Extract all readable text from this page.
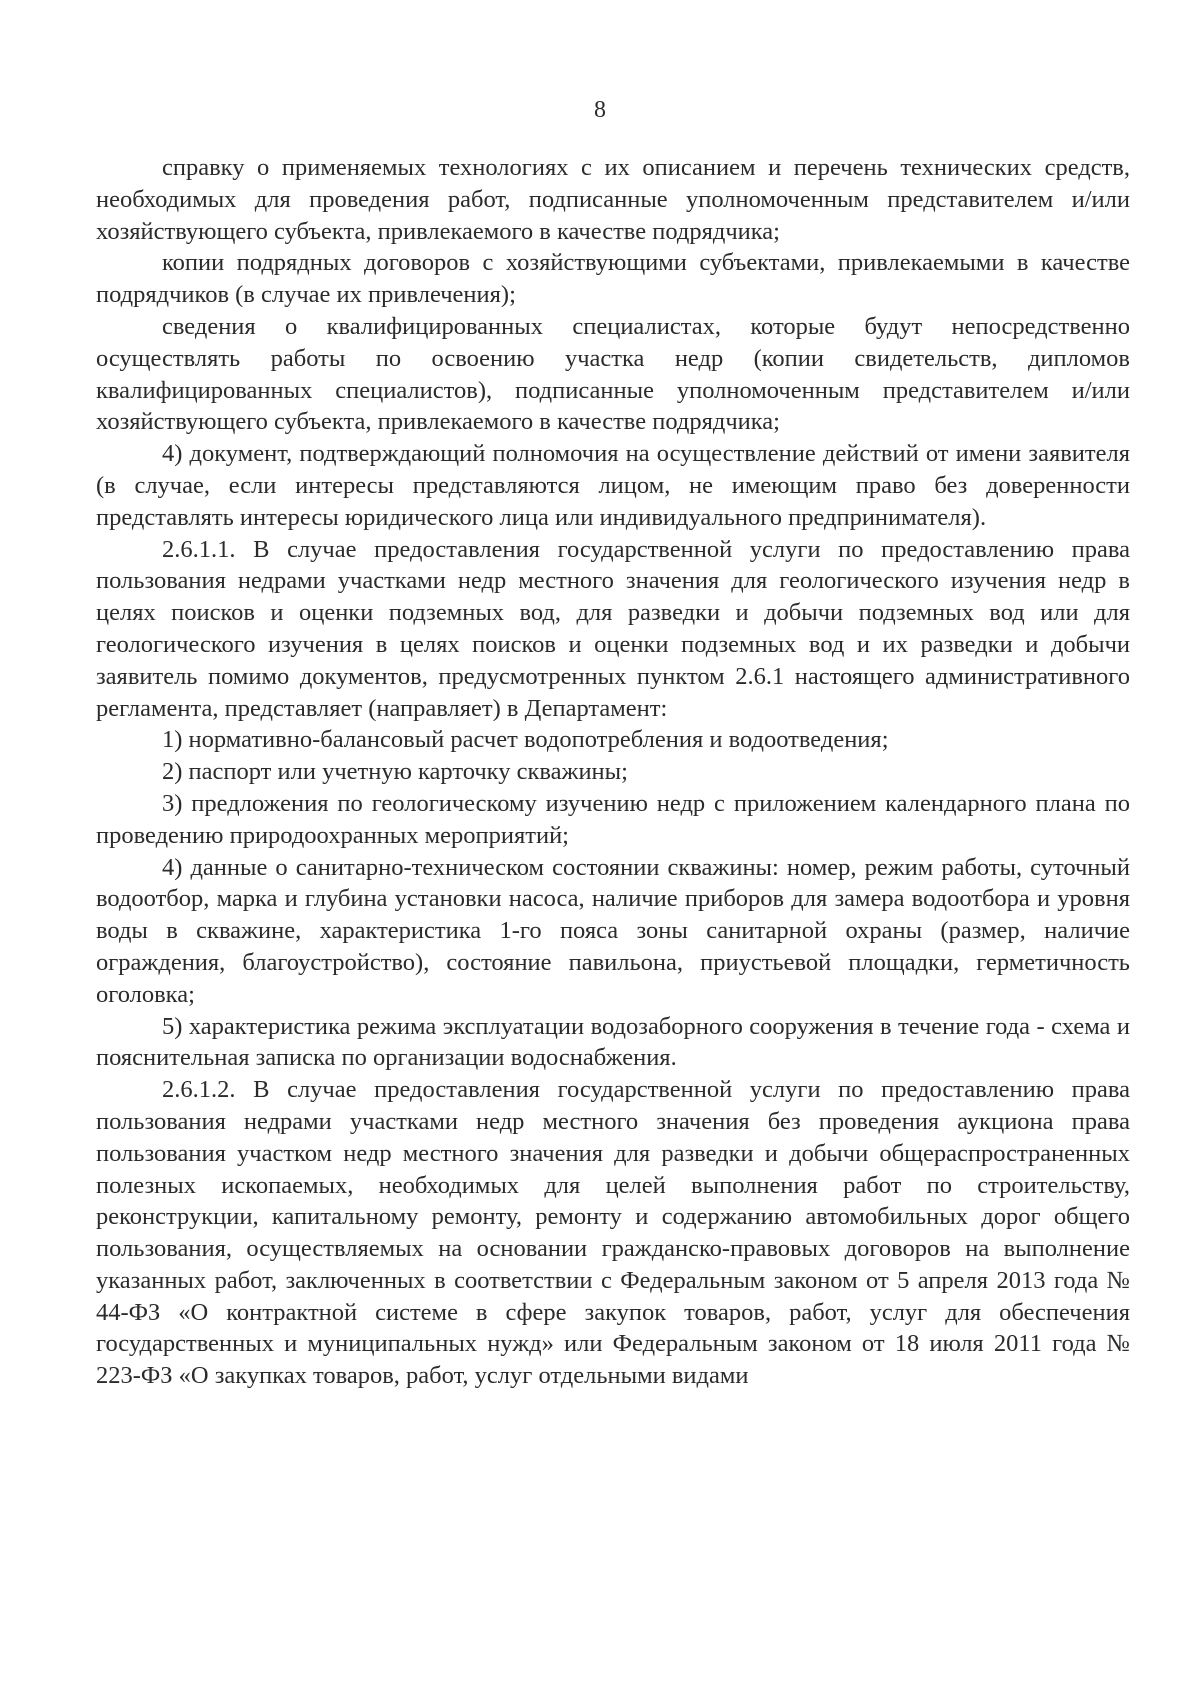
8

справку о применяемых технологиях с их описанием и перечень технических средств, необходимых для проведения работ, подписанные уполномоченным представителем и/или хозяйствующего субъекта, привлекаемого в качестве подрядчика;

копии подрядных договоров с хозяйствующими субъектами, привлекаемыми в качестве подрядчиков (в случае их привлечения);

сведения о квалифицированных специалистах, которые будут непосредственно осуществлять работы по освоению участка недр (копии свидетельств, дипломов квалифицированных специалистов), подписанные уполномоченным представителем и/или хозяйствующего субъекта, привлекаемого в качестве подрядчика;

4) документ, подтверждающий полномочия на осуществление действий от имени заявителя (в случае, если интересы представляются лицом, не имеющим право без доверенности представлять интересы юридического лица или индивидуального предпринимателя).

2.6.1.1. В случае предоставления государственной услуги по предоставлению права пользования недрами участками недр местного значения для геологического изучения недр в целях поисков и оценки подземных вод, для разведки и добычи подземных вод или для геологического изучения в целях поисков и оценки подземных вод и их разведки и добычи заявитель помимо документов, предусмотренных пунктом 2.6.1 настоящего административного регламента, представляет (направляет) в Департамент:

1) нормативно-балансовый расчет водопотребления и водоотведения;

2) паспорт или учетную карточку скважины;

3) предложения по геологическому изучению недр с приложением календарного плана по проведению природоохранных мероприятий;

4) данные о санитарно-техническом состоянии скважины: номер, режим работы, суточный водоотбор, марка и глубина установки насоса, наличие приборов для замера водоотбора и уровня воды в скважине, характеристика 1-го пояса зоны санитарной охраны (размер, наличие ограждения, благоустройство), состояние павильона, приустьевой площадки, герметичность оголовка;

5) характеристика режима эксплуатации водозаборного сооружения в течение года - схема и пояснительная записка по организации водоснабжения.

2.6.1.2. В случае предоставления государственной услуги по предоставлению права пользования недрами участками недр местного значения без проведения аукциона права пользования участком недр местного значения для разведки и добычи общераспространенных полезных ископаемых, необходимых для целей выполнения работ по строительству, реконструкции, капитальному ремонту, ремонту и содержанию автомобильных дорог общего пользования, осуществляемых на основании гражданско-правовых договоров на выполнение указанных работ, заключенных в соответствии с Федеральным законом от 5 апреля 2013 года № 44-ФЗ «О контрактной системе в сфере закупок товаров, работ, услуг для обеспечения государственных и муниципальных нужд» или Федеральным законом от 18 июля 2011 года № 223-ФЗ «О закупках товаров, работ, услуг отдельными видами
